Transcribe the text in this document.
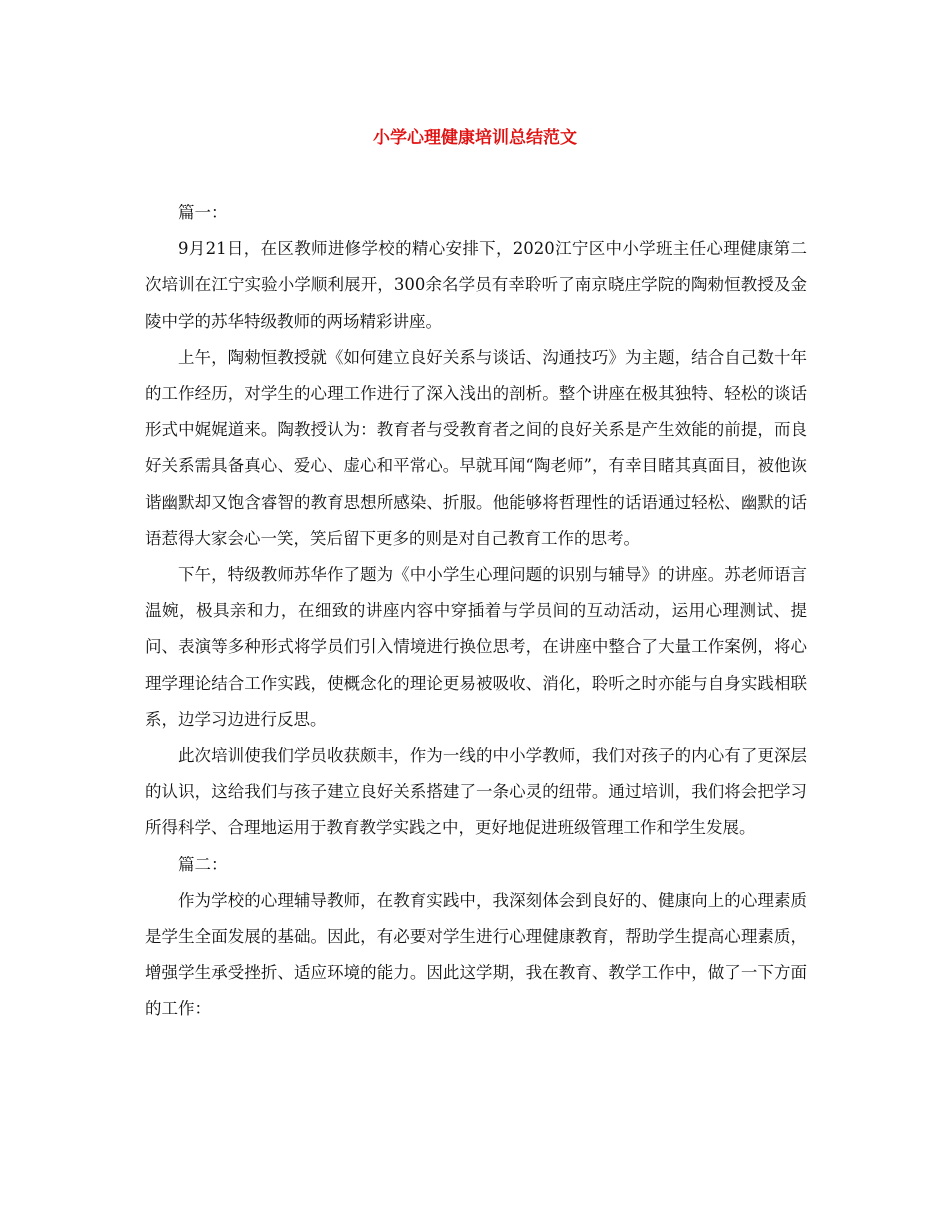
小学心理健康培训总结范文

篇一：

9月21日，在区教师进修学校的精心安排下，2020江宁区中小学班主任心理健康第二次培训在江宁实验小学顺利展开，300余名学员有幸聆听了南京晓庄学院的陶勑恒教授及金陵中学的苏华特级教师的两场精彩讲座。

上午，陶勑恒教授就《如何建立良好关系与谈话、沟通技巧》为主题，结合自己数十年的工作经历，对学生的心理工作进行了深入浅出的剖析。整个讲座在极其独特、轻松的谈话形式中娓娓道来。陶教授认为：教育者与受教育者之间的良好关系是产生效能的前提，而良好关系需具备真心、爱心、虚心和平常心。早就耳闻“陶老师”，有幸目睹其真面目，被他诙谐幽默却又饱含睿智的教育思想所感染、折服。他能够将哲理性的话语通过轻松、幽默的话语惹得大家会心一笑，笑后留下更多的则是对自己教育工作的思考。

下午，特级教师苏华作了题为《中小学生心理问题的识别与辅导》的讲座。苏老师语言温婉，极具亲和力，在细致的讲座内容中穿插着与学员间的互动活动，运用心理测试、提问、表演等多种形式将学员们引入情境进行换位思考，在讲座中整合了大量工作案例，将心理学理论结合工作实践，使概念化的理论更易被吸收、消化，聆听之时亦能与自身实践相联系，边学习边进行反思。

此次培训使我们学员收获颇丰，作为一线的中小学教师，我们对孩子的内心有了更深层的认识，这给我们与孩子建立良好关系搭建了一条心灵的纽带。通过培训，我们将会把学习所得科学、合理地运用于教育教学实践之中，更好地促进班级管理工作和学生发展。

篇二：

作为学校的心理辅导教师，在教育实践中，我深刻体会到良好的、健康向上的心理素质是学生全面发展的基础。因此，有必要对学生进行心理健康教育，帮助学生提高心理素质，增强学生承受挫折、适应环境的能力。因此这学期，我在教育、教学工作中，做了一下方面的工作：
